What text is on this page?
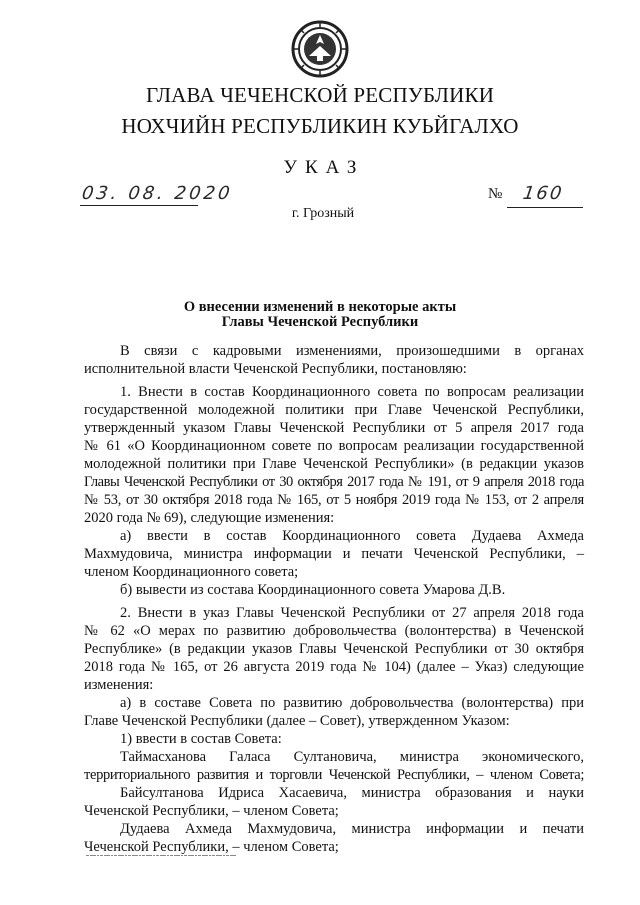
ГЛАВА ЧЕЧЕНСКОЙ РЕСПУБЛИКИ
НОХЧИЙН РЕСПУБЛИКИН КУЬЙГАЛХО
УКАЗ
03. 08. 2020	№ 160
г. Грозный
О внесении изменений в некоторые акты
Главы Чеченской Республики
В связи с кадровыми изменениями, произошедшими в органах
исполнительной власти Чеченской Республики, постановляю:
1. Внести в состав Координационного совета по вопросам реализации
государственной молодежной политики при Главе Чеченской Республики,
утвержденный указом Главы Чеченской Республики от 5 апреля 2017 года
№ 61 «О Координационном совете по вопросам реализации государственной
молодежной политики при Главе Чеченской Республики» (в редакции указов
Главы Чеченской Республики от 30 октября 2017 года № 191, от 9 апреля 2018 года
№ 53, от 30 октября 2018 года № 165, от 5 ноября 2019 года № 153, от 2 апреля
2020 года № 69), следующие изменения:
а) ввести в состав Координационного совета Дудаева Ахмеда
Махмудовича, министра информации и печати Чеченской Республики, –
членом Координационного совета;
б) вывести из состава Координационного совета Умарова Д.В.
2. Внести в указ Главы Чеченской Республики от 27 апреля 2018 года
№ 62 «О мерах по развитию добровольчества (волонтерства) в Чеченской
Республике» (в редакции указов Главы Чеченской Республики от 30 октября
2018 года № 165, от 26 августа 2019 года № 104) (далее – Указ) следующие
изменения:
а) в составе Совета по развитию добровольчества (волонтерства) при
Главе Чеченской Республики (далее – Совет), утвержденном Указом:
1) ввести в состав Совета:
Таймасханова Галаса Султановича, министра экономического,
территориального развития и торговли Чеченской Республики, – членом Совета;
Байсултанова Идриса Хасаевича, министра образования и науки
Чеченской Республики, – членом Совета;
Дудаева Ахмеда Махмудовича, министра информации и печати
Чеченской Республики, – членом Совета;
